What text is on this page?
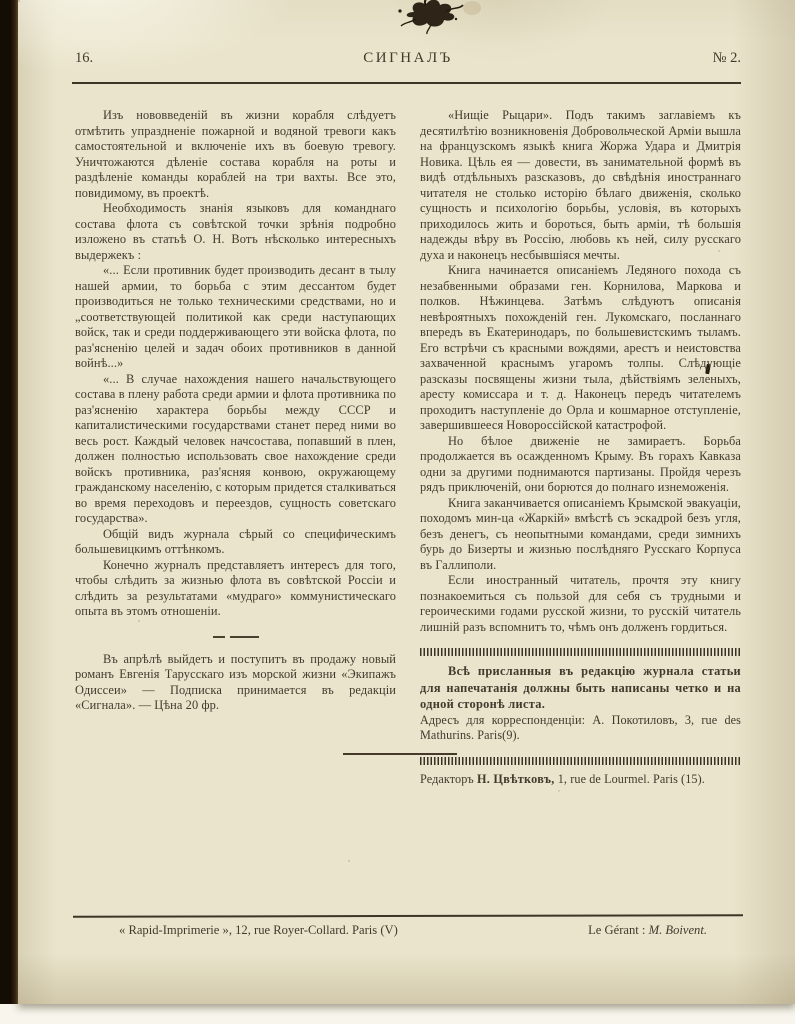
16.	СИГНАЛЪ	№ 2.

Изъ нововведеній въ жизни корабля слѣдуетъ отмѣтить упраздненіе пожарной и водяной тревоги какъ самостоятельной и включеніе ихъ въ боевую тревогу. Уничтожаются дѣленіе состава корабля на роты и раздѣленіе команды кораблей на три вахты. Все это, повидимому, въ проектѣ.

Необходимость знанія языковъ для команднаго состава флота съ совѣтской точки зрѣнія подробно изложено въ статьѣ О. Н. Вотъ нѣсколько интересныхъ выдержекъ :

«... Если противник будет производить десант в тылу нашей армии, то борьба с этим дессантом будет производиться не только техническими средствами, но и „соответствующей политикой как среди наступающих войск, так и среди поддерживающего эти войска флота, по раз'ясненію целей и задач обоих противников в данной войнѣ...»

«... В случае нахождения нашего начальствующего состава в плену работа среди армии и флота противника по раз'ясненію характера борьбы между СССР и капиталистическими государствами станет перед ними во весь рост. Каждый человек начсостава, попавший в плен, должен полностью использовать свое нахождение среди войскъ противника, раз'ясняя конвою, окружающему гражданскому населенію, с которым придется сталкиваться во время переходовъ и переездов, сущность советскаго государства».

Общій видъ журнала сѣрый со специфическимъ большевицкимъ оттѣнкомъ.

Конечно журналъ представляетъ интересъ для того, чтобы слѣдить за жизнью флота въ совѣтской Россіи и слѣдить за результатами «мудраго» коммунистическаго опыта въ этомъ отношеніи.

Въ апрѣлѣ выйдетъ и поступитъ въ продажу новый романъ Евгенія Тарусскаго изъ морской жизни «Экипажъ Одиссеи» — Подписка принимается въ редакціи «Сигнала». — Цѣна 20 фр.

«Нищіе Рыцари». Подъ такимъ заглавіемъ къ десятилѣтію возникновенія Добровольческой Арміи вышла на французскомъ языкѣ книга Жоржа Удара и Дмитрія Новика. Цѣль ея — довести, въ занимательной формѣ въ видѣ отдѣльныхъ разсказовъ, до свѣдѣнія иностраннаго читателя не столько исторію бѣлаго движенія, сколько сущность и психологію борьбы, условія, въ которыхъ приходилось жить и бороться, быть арміи, тѣ большія надежды вѣру въ Россію, любовь къ ней, силу русскаго духа и наконецъ несбывшіяся мечты.

Книга начинается описаніемъ Ледяного похода съ незабвенными образами ген. Корнилова, Маркова и полков. Нѣжинцева. Затѣмъ слѣдуютъ описанія невѣроятныхъ похожденій ген. Лукомскаго, посланнаго впередъ въ Екатеринодаръ, по большевистскимъ тыламъ. Его встрѣчи съ красными вождями, арестъ и неистовства захваченной краснымъ угаромъ толпы. Слѣдующіе разсказы посвящены жизни тыла, дѣйствіямъ зеленыхъ, аресту комиссара и т. д. Наконецъ передъ читателемъ проходитъ наступленіе до Орла и кошмарное отступленіе, завершившееся Новороссійской катастрофой.

Но бѣлое движеніе не замираетъ. Борьба продолжается въ осажденномъ Крыму. Въ горахъ Кавказа одни за другими поднимаются партизаны. Пройдя черезъ рядъ приключеній, они борются до полнаго изнеможенія.

Книга заканчивается описаніемъ Крымской эвакуаціи, походомъ мин-ца «Жаркій» вмѣстѣ съ эскадрой безъ угля, безъ денегъ, съ неопытными командами, среди зимнихъ бурь до Бизерты и жизнью послѣдняго Русскаго Корпуса въ Галлиполи.

Если иностранный читатель, прочтя эту книгу познакоемиться съ пользой для себя съ трудными и героическими годами русской жизни, то русскій читатель лишній разъ вспомнитъ то, чѣмъ онъ долженъ гордиться.

Всѣ присланныя въ редакцію журнала статьи для напечатанія должны быть написаны четко и на одной сторонѣ листа.

Адресъ для корреспонденціи: А. Покотиловъ, 3, rue des Mathurins. Paris(9).

Редакторъ Н. Цвѣтковъ, 1, rue de Lourmel. Paris (15).

« Rapid-Imprimerie », 12, rue Royer-Collard. Paris (V)	Le Gérant : M. Boivent.
